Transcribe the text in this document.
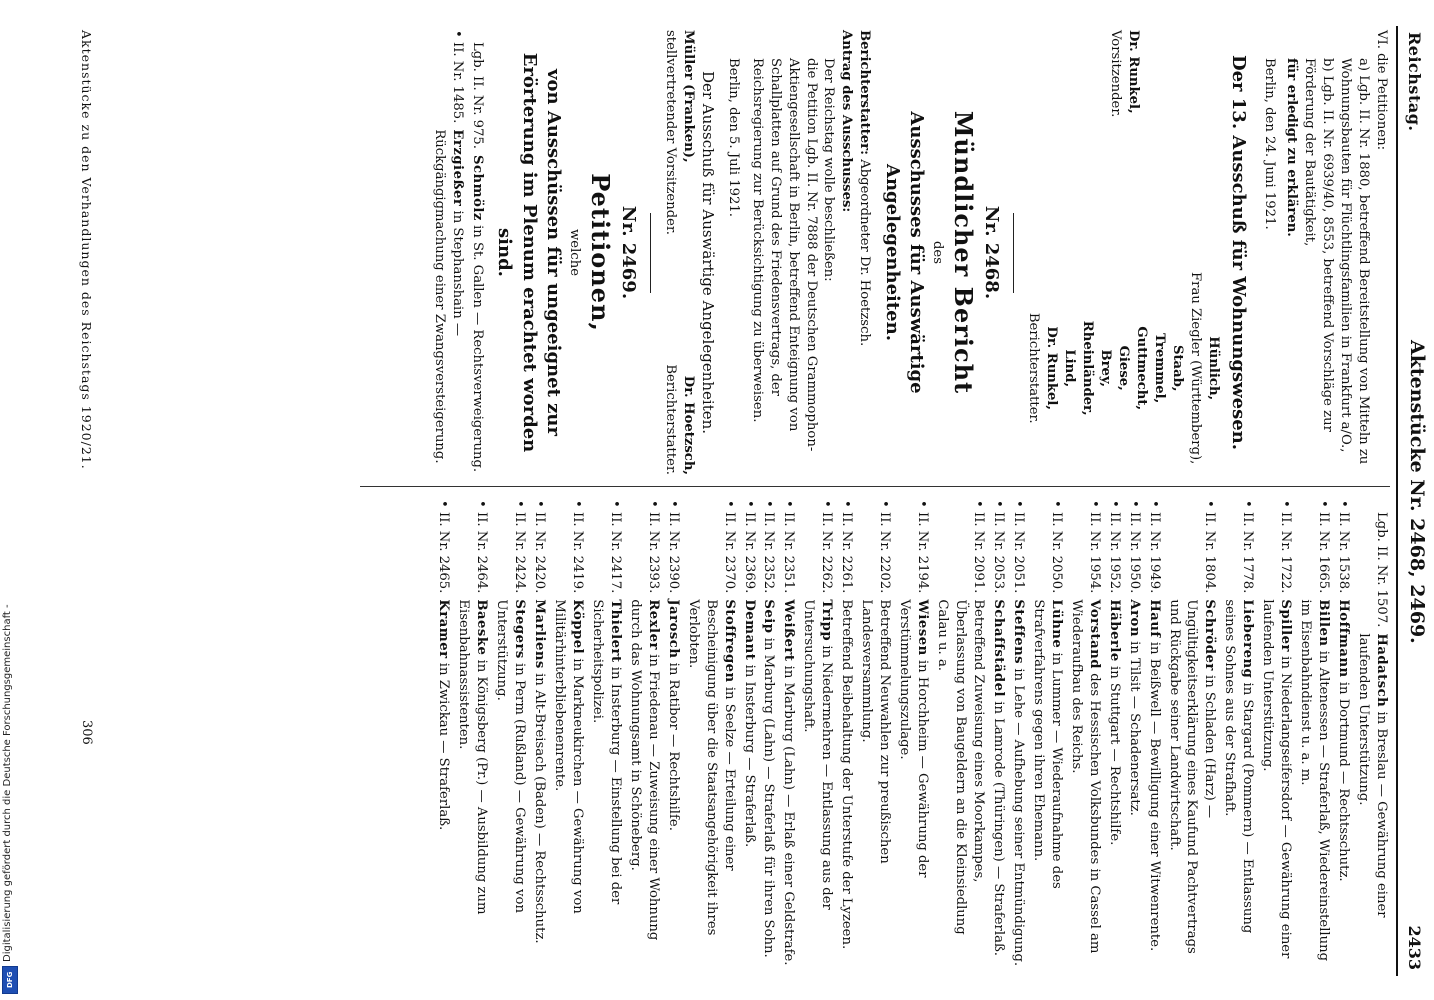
Reichstag.
Aktenstücke Nr. 2468, 2469.
2433

VI. die Petitionen:

a) Lgb. II. Nr. 1880, betreffend Bereitstellung von Mitteln zu Wohnungsbauten für Flüchtlingsfamilien in Frankfurt a/O.,

b) Lgb. II. Nr. 6939/40, 8553, betreffend Vorschläge zur Förderung der Bautätigkeit,

für erledigt zu erklären.

Berlin, den 24. Juni 1921.

Der 13. Ausschuß für Wohnungswesen.

Dr. Runkel,

Vorsitzender.

Hünlich,

Frau Ziegler (Württemberg),

Staab,

Tremmel,

Guttmecht,

Giese,

Brey,

Rheinländer,

Lind,

Dr. Runkel,

Berichterstatter.

Nr. 2468.

Mündlicher Bericht

des

Ausschusses für Auswärtige Angelegenheiten.

Berichterstatter: Abgeordneter Dr. Hoetzsch.

Antrag des Ausschusses:

Der Reichstag wolle beschließen:

die Petition Lgb. II. Nr. 7888 der Deutschen Grammophon-Aktiengesellschaft in Berlin, betreffend Enteignung von Schallplatten auf Grund des Friedensvertrags, der Reichsregierung zur Berücksichtigung zu überweisen.

Berlin, den 5. Juli 1921.

Der Ausschuß für Auswärtige Angelegenheiten.

Müller (Franken),

stellvertretender Vorsitzender.

Dr. Hoetzsch,

Berichterstatter.

Nr. 2469.

Petitionen,

welche

von Ausschüssen für ungeeignet zur Erörterung im Plenum erachtet worden sind.

Lgb. II. Nr. 975.
Schmölz in St. Gallen — Rechtsverweigerung.
•
II. Nr. 1485.
Erzgießer in Stephanshain — Rückgängigmachung einer Zwangsversteigerung.
Lgb. II. Nr. 1507.
Hadatsch in Breslau — Gewährung einer laufenden Unterstützung.
•
II. Nr. 1538.
Hoffmann in Dortmund — Rechtsschutz.
•
II. Nr. 1665.
Billen in Altenessen — Straferlaß, Wiedereinstellung im Eisenbahndienst u. a. m.
•
II. Nr. 1722.
Spiller in Niederlangseifersdorf — Gewährung einer laufenden Unterstützung.
•
II. Nr. 1778.
Liebereng in Stargard (Pommern) — Entlassung seines Sohnes aus der Strafhaft.
•
II. Nr. 1804.
Schröder in Schladen (Harz) — Ungültigkeitserklärung eines Kaufund Pachtvertrags und Rückgabe seiner Landwirtschaft.
•
II. Nr. 1949.
Hauf in Beißwell — Bewilligung einer Witwenrente.
•
II. Nr. 1950.
Aron in Tilsit — Schadenersatz.
•
II. Nr. 1952.
Häberle in Stuttgart — Rechtshilfe.
•
II. Nr. 1954.
Vorstand des Hessischen Volksbundes in Cassel am Wiederaufbau des Reichs.
•
II. Nr. 2050.
Lühne in Lummer — Wiederaufnahme des Strafverfahrens gegen ihren Ehemann.
•
II. Nr. 2051.
Steffens in Lehe — Aufhebung seiner Entmündigung.
•
II. Nr. 2053.
Schaffstädel in Lamrode (Thüringen) — Straferlaß.
•
II. Nr. 2091.
Betreffend Zuweisung eines Moorkampes, Überlassung von Baugeldern an die Kleinsiedlung Calau u. a.
•
II. Nr. 2194.
Wiesen in Horchheim — Gewährung der Verstümmelungszulage.
•
II. Nr. 2202.
Betreffend Neuwahlen zur preußischen Landesversammlung.
•
II. Nr. 2261.
Betreffend Beibehaltung der Unterstufe der Lyzeen.
•
II. Nr. 2262.
Tripp in Niedermehren — Entlassung aus der Untersuchungshaft.
•
II. Nr. 2351.
Weißert in Marburg (Lahn) — Erlaß einer Geldstrafe.
•
II. Nr. 2352.
Seip in Marburg (Lahn) — Straferlaß für ihren Sohn.
•
II. Nr. 2369.
Demant in Insterburg — Straferlaß.
•
II. Nr. 2370.
Stoffregen in Seelze — Erteilung einer Bescheinigung über die Staatsangehörigkeit ihres Verlobten.
•
II. Nr. 2390.
Jarosch in Ratibor — Rechtshilfe.
•
II. Nr. 2393.
Rexler in Friedenau — Zuweisung einer Wohnung durch das Wohnungsamt in Schöneberg.
•
II. Nr. 2417.
Thielert in Insterburg — Einstellung bei der Sicherheitspolizei.
•
II. Nr. 2419.
Köppel in Markneukirchen — Gewährung von Militärhinterbliebenenrente.
•
II. Nr. 2420.
Marliens in Alt-Breisach (Baden) — Rechtsschutz.
•
II. Nr. 2424.
Stegers in Perm (Rußland) — Gewährung von Unterstützung.
•
II. Nr. 2464.
Baeske in Königsberg (Pr.) — Ausbildung zum Eisenbahnassistenten.
•
II. Nr. 2465.
Kramer in Zwickau — Straferlaß.
Aktenstücke zu den Verhandlungen des Reichstags 1920/21.
306
Digitalisierung gefördert durch die Deutsche Forschungsgemeinschaft -
DFG
